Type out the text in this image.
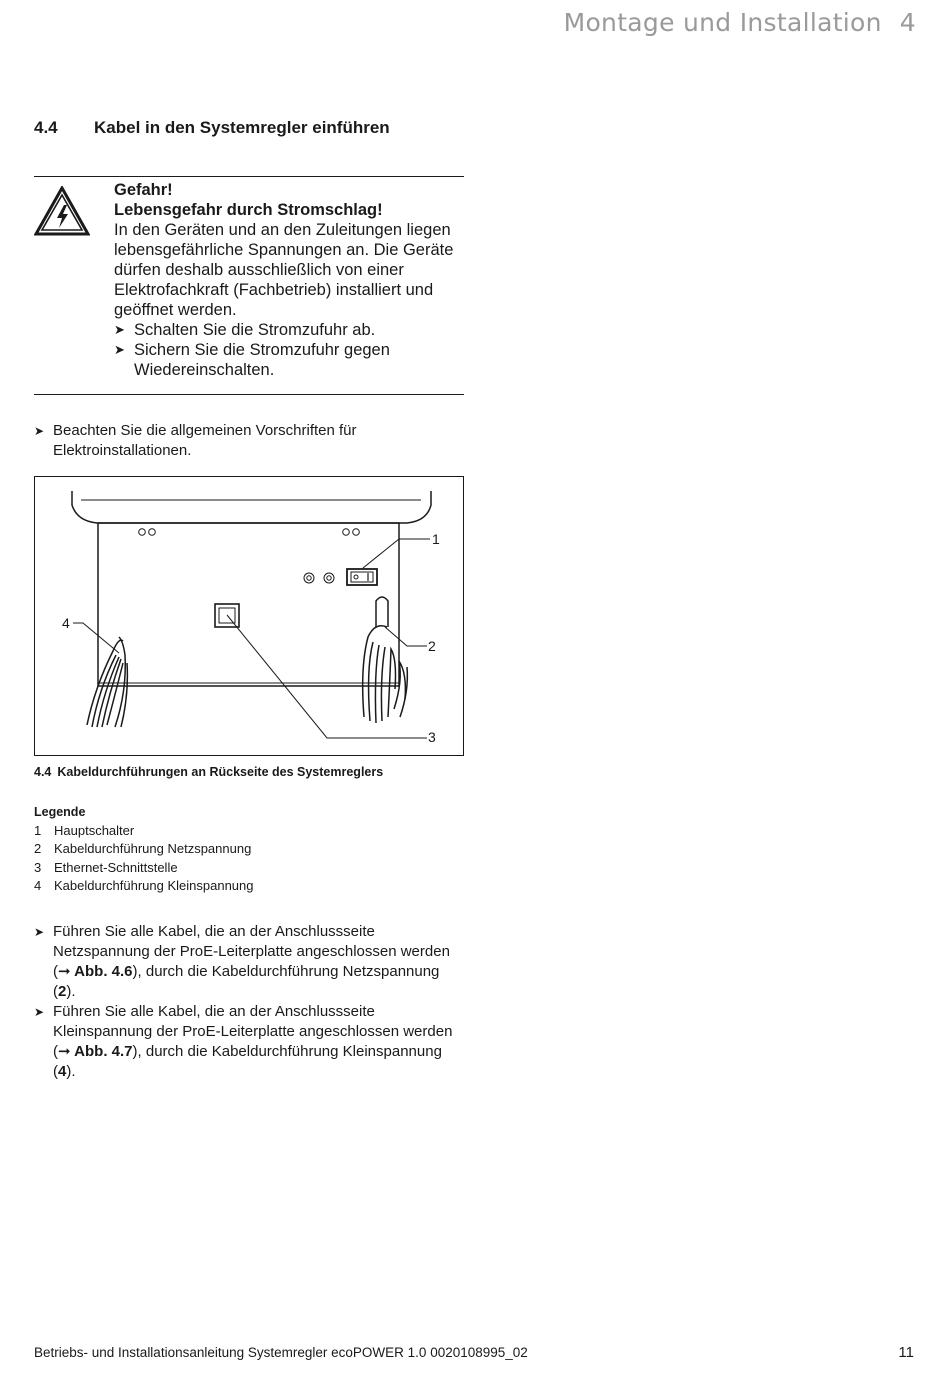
Montage und Installation 4
4.4 Kabel in den Systemregler einführen
Gefahr!
Lebensgefahr durch Stromschlag!
In den Geräten und an den Zuleitungen liegen lebensgefährliche Spannungen an. Die Geräte dürfen deshalb ausschließlich von einer Elektrofachkraft (Fachbetrieb) installiert und geöffnet werden.
➤ Schalten Sie die Stromzufuhr ab.
➤ Sichern Sie die Stromzufuhr gegen Wiedereinschalten.
➤ Beachten Sie die allgemeinen Vorschriften für Elektroinstallationen.
1
2
3
4
4.4 Kabeldurchführungen an Rückseite des Systemreglers
Legende
1 Hauptschalter
2 Kabeldurchführung Netzspannung
3 Ethernet-Schnittstelle
4 Kabeldurchführung Kleinspannung
➤ Führen Sie alle Kabel, die an der Anschlussseite Netzspannung der ProE-Leiterplatte angeschlossen werden (➞ Abb. 4.6), durch die Kabeldurchführung Netzspannung (2).
➤ Führen Sie alle Kabel, die an der Anschlussseite Kleinspannung der ProE-Leiterplatte angeschlossen werden (➞ Abb. 4.7), durch die Kabeldurchführung Kleinspannung (4).
Betriebs- und Installationsanleitung Systemregler ecoPOWER 1.0 0020108995_02	11
